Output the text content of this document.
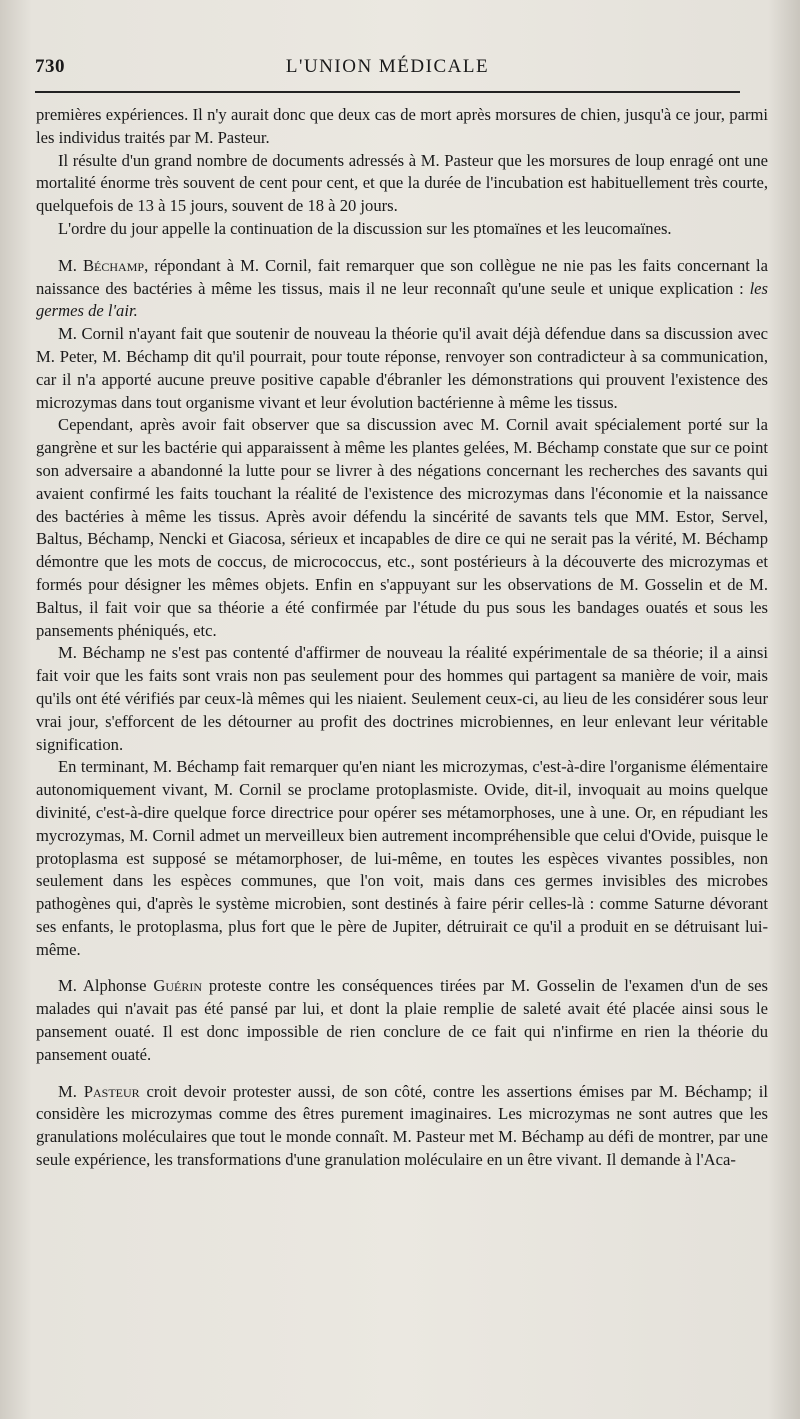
730	L'UNION MÉDICALE

premières expériences. Il n'y aurait donc que deux cas de mort après morsures de chien, jusqu'à ce jour, parmi les individus traités par M. Pasteur.

Il résulte d'un grand nombre de documents adressés à M. Pasteur que les morsures de loup enragé ont une mortalité énorme très souvent de cent pour cent, et que la durée de l'incubation est habituellement très courte, quelquefois de 13 à 15 jours, souvent de 18 à 20 jours.

L'ordre du jour appelle la continuation de la discussion sur les ptomaïnes et les leucomaïnes.

M. Béchamp, répondant à M. Cornil, fait remarquer que son collègue ne nie pas les faits concernant la naissance des bactéries à même les tissus, mais il ne leur reconnaît qu'une seule et unique explication : les germes de l'air.

M. Cornil n'ayant fait que soutenir de nouveau la théorie qu'il avait déjà défendue dans sa discussion avec M. Peter, M. Béchamp dit qu'il pourrait, pour toute réponse, renvoyer son contradicteur à sa communication, car il n'a apporté aucune preuve positive capable d'ébranler les démonstrations qui prouvent l'existence des microzymas dans tout organisme vivant et leur évolution bactérienne à même les tissus.

Cependant, après avoir fait observer que sa discussion avec M. Cornil avait spécialement porté sur la gangrène et sur les bactérie qui apparaissent à même les plantes gelées, M. Béchamp constate que sur ce point son adversaire a abandonné la lutte pour se livrer à des négations concernant les recherches des savants qui avaient confirmé les faits touchant la réalité de l'existence des microzymas dans l'économie et la naissance des bactéries à même les tissus. Après avoir défendu la sincérité de savants tels que MM. Estor, Servel, Baltus, Béchamp, Nencki et Giacosa, sérieux et incapables de dire ce qui ne serait pas la vérité, M. Béchamp démontre que les mots de coccus, de micrococcus, etc., sont postérieurs à la découverte des microzymas et formés pour désigner les mêmes objets. Enfin en s'appuyant sur les observations de M. Gosselin et de M. Baltus, il fait voir que sa théorie a été confirmée par l'étude du pus sous les bandages ouatés et sous les pansements phéniqués, etc.

M. Béchamp ne s'est pas contenté d'affirmer de nouveau la réalité expérimentale de sa théorie; il a ainsi fait voir que les faits sont vrais non pas seulement pour des hommes qui partagent sa manière de voir, mais qu'ils ont été vérifiés par ceux-là mêmes qui les niaient. Seulement ceux-ci, au lieu de les considérer sous leur vrai jour, s'efforcent de les détourner au profit des doctrines microbiennes, en leur enlevant leur véritable signification.

En terminant, M. Béchamp fait remarquer qu'en niant les microzymas, c'est-à-dire l'organisme élémentaire autonomiquement vivant, M. Cornil se proclame protoplasmiste. Ovide, dit-il, invoquait au moins quelque divinité, c'est-à-dire quelque force directrice pour opérer ses métamorphoses, une à une. Or, en répudiant les mycrozymas, M. Cornil admet un merveilleux bien autrement incompréhensible que celui d'Ovide, puisque le protoplasma est supposé se métamorphoser, de lui-même, en toutes les espèces vivantes possibles, non seulement dans les espèces communes, que l'on voit, mais dans ces germes invisibles des microbes pathogènes qui, d'après le système microbien, sont destinés à faire périr celles-là : comme Saturne dévorant ses enfants, le protoplasma, plus fort que le père de Jupiter, détruirait ce qu'il a produit en se détruisant lui-même.

M. Alphonse Guérin proteste contre les conséquences tirées par M. Gosselin de l'examen d'un de ses malades qui n'avait pas été pansé par lui, et dont la plaie remplie de saleté avait été placée ainsi sous le pansement ouaté. Il est donc impossible de rien conclure de ce fait qui n'infirme en rien la théorie du pansement ouaté.

M. Pasteur croit devoir protester aussi, de son côté, contre les assertions émises par M. Béchamp; il considère les microzymas comme des êtres purement imaginaires. Les microzymas ne sont autres que les granulations moléculaires que tout le monde connaît. M. Pasteur met M. Béchamp au défi de montrer, par une seule expérience, les transformations d'une granulation moléculaire en un être vivant. Il demande à l'Aca-
